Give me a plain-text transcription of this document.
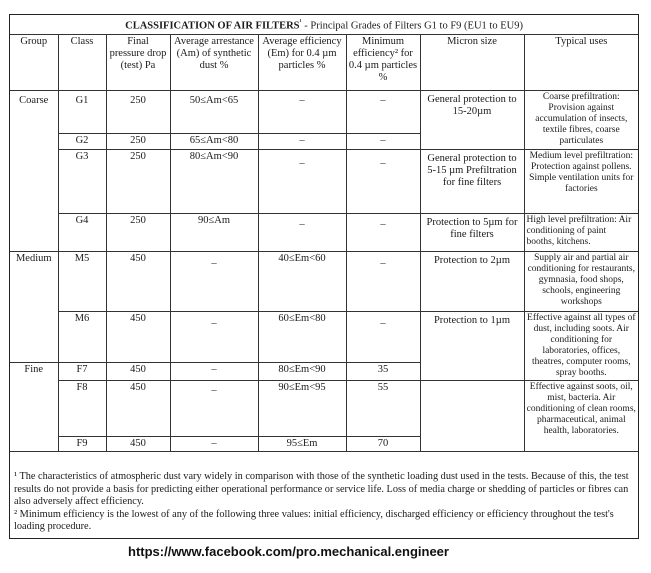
CLASSIFICATION OF AIR $FILTERS^{^1}$ - Principal Grades of Filters G1 to F9 (EU1 to EU9)							
Group	Class	Final pressure drop (test) Pa	Average arrestance (Am) of synthetic dust %	Average efficiency (Em) for 0.4 µm particles %	Minimum efficiency² for 0.4 µm particles %	Micron size	Typical uses
Coarse	G1	250	50≤Am<65	–	–	General protection to 15-20µm	Coarse prefiltration: Provision against accumulation of insects, textile fibres, coarse particulates
	G2	250	65≤Am<80	–	–		
	G3	250	80≤Am<90	–	–	General protection to 5-15 µm Prefiltration for fine filters	Medium level prefiltration: Protection against pollens. Simple ventilation units for factories
	G4	250	90≤Am	–	–	Protection to 5µm for fine filters	High level prefiltration: Air conditioning of paint booths, kitchens.
Medium	M5	450	–	40≤Em<60	–	Protection to 2µm	Supply air and partial air conditioning for restaurants, gymnasia, food shops, schools, engineering workshops
	M6	450	–	60≤Em<80	–	Protection to 1µm	Effective against all types of dust, including soots. Air conditioning for laboratories, offices, theatres, computer rooms, spray booths.
Fine	F7	450	–	80≤Em<90	35		
	F8	450	–	90≤Em<95	55		Effective against soots, oil, mist, bacteria. Air conditioning of clean rooms, pharmaceutical, animal health, laboratories.
	F9	450	–	95≤Em	70		

¹ The characteristics of atmospheric dust vary widely in comparison with those of the synthetic loading dust used in the tests. Because of this, the test results do not provide a basis for predicting either operational performance or service life. Loss of media charge or shedding of particles or fibres can also adversely affect efficiency.

² Minimum efficiency is the lowest of any of the following three values: initial efficiency, discharged efficiency or efficiency throughout the test's loading procedure.

https://www.facebook.com/pro.mechanical.engineer
